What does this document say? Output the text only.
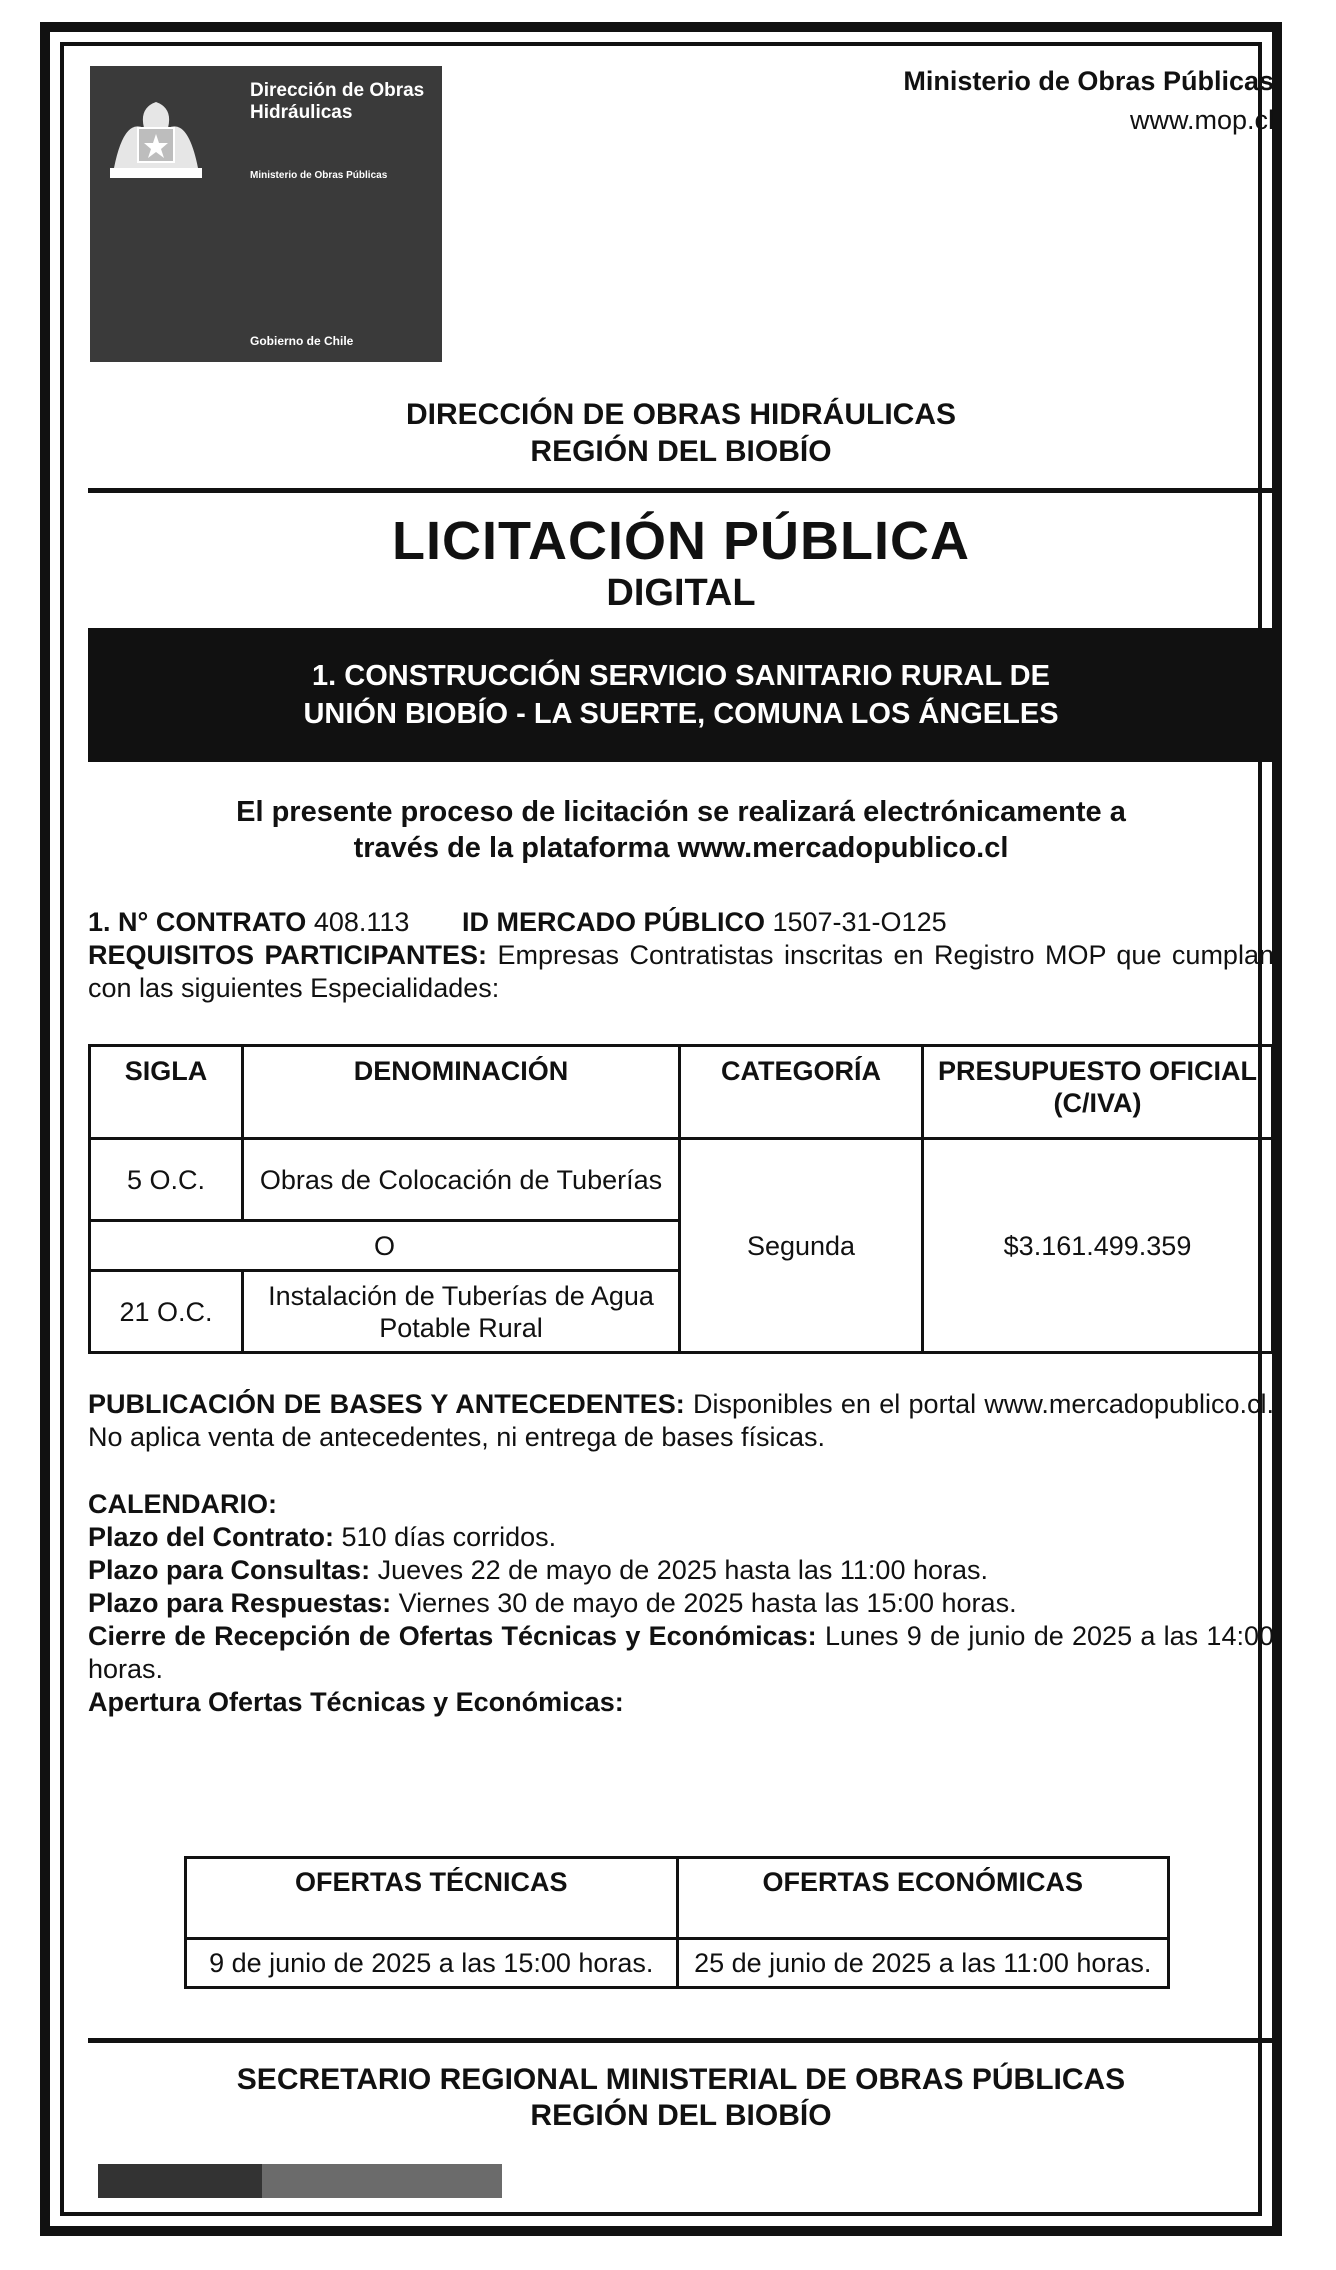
Dirección de Obras Hidráulicas
Ministerio de Obras Públicas
Gobierno de Chile
Ministerio de Obras Públicas
www.mop.cl
DIRECCIÓN DE OBRAS HIDRÁULICAS
REGIÓN DEL BIOBÍO
LICITACIÓN PÚBLICA
DIGITAL
1. CONSTRUCCIÓN SERVICIO SANITARIO RURAL DE
UNIÓN BIOBÍO - LA SUERTE, COMUNA LOS ÁNGELES
El presente proceso de licitación se realizará electrónicamente a
través de la plataforma www.mercadopublico.cl
1. N° CONTRATO 408.113 ID MERCADO PÚBLICO 1507-31-O125
REQUISITOS PARTICIPANTES: Empresas Contratistas inscritas en Registro MOP que cumplan con las siguientes Especialidades:
SIGLA	DENOMINACIÓN	CATEGORÍA	PRESUPUESTO OFICIAL (C/IVA)
5 O.C.	Obras de Colocación de Tuberías	Segunda	$3.161.499.359
O			
21 O.C.	Instalación de Tuberías de Agua Potable Rural		
PUBLICACIÓN DE BASES Y ANTECEDENTES: Disponibles en el portal www.mercadopublico.cl. No aplica venta de antecedentes, ni entrega de bases físicas.
CALENDARIO:
Plazo del Contrato: 510 días corridos.
Plazo para Consultas: Jueves 22 de mayo de 2025 hasta las 11:00 horas.
Plazo para Respuestas: Viernes 30 de mayo de 2025 hasta las 15:00 horas.
Cierre de Recepción de Ofertas Técnicas y Económicas: Lunes 9 de junio de 2025 a las 14:00 horas.
Apertura Ofertas Técnicas y Económicas:
OFERTAS TÉCNICAS	OFERTAS ECONÓMICAS
9 de junio de 2025 a las 15:00 horas.	25 de junio de 2025 a las 11:00 horas.
SECRETARIO REGIONAL MINISTERIAL DE OBRAS PÚBLICAS
REGIÓN DEL BIOBÍO
